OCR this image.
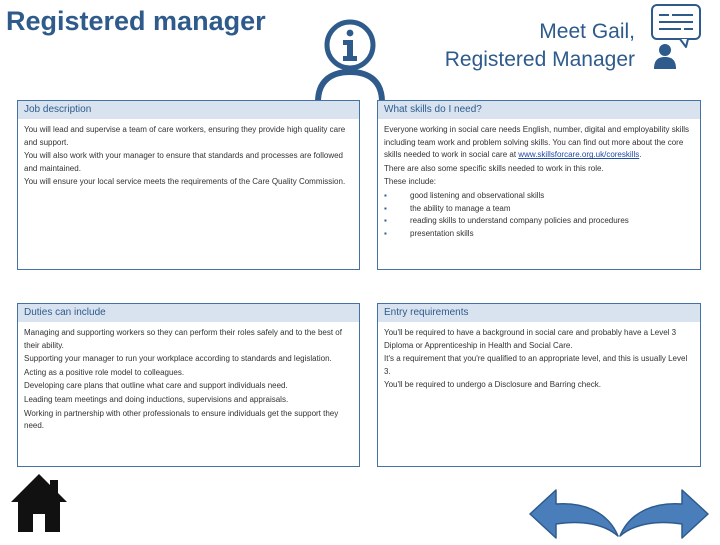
Registered manager	Meet Gail,
Registered Manager
Job description

You will lead and supervise a team of care workers, ensuring they provide high quality care and support.

You will also work with your manager to ensure that standards and processes are followed and maintained.

You will ensure your local service meets the requirements of the Care Quality Commission.

What skills do I need?

Everyone working in social care needs English, number, digital and employability skills including team work and problem solving skills. You can find out more about the core skills needed to work in social care at www.skillsforcare.org.uk/coreskills.

There are also some specific skills needed to work in this role.

These include:

▪ good listening and observational skills
▪ the ability to manage a team
▪ reading skills to understand company policies and procedures
▪ presentation skills
Duties can include

Managing and supporting workers so they can perform their roles safely and to the best of their ability.

Supporting your manager to run your workplace according to standards and legislation.

Acting as a positive role model to colleagues.

Developing care plans that outline what care and support individuals need.

Leading team meetings and doing inductions, supervisions and appraisals.

Working in partnership with other professionals to ensure individuals get the support they need.

Entry requirements

You'll be required to have a background in social care and probably have a Level 3 Diploma or Apprenticeship in Health and Social Care.

It's a requirement that you're qualified to an appropriate level, and this is usually Level 3.

You'll be required to undergo a Disclosure and Barring check.
